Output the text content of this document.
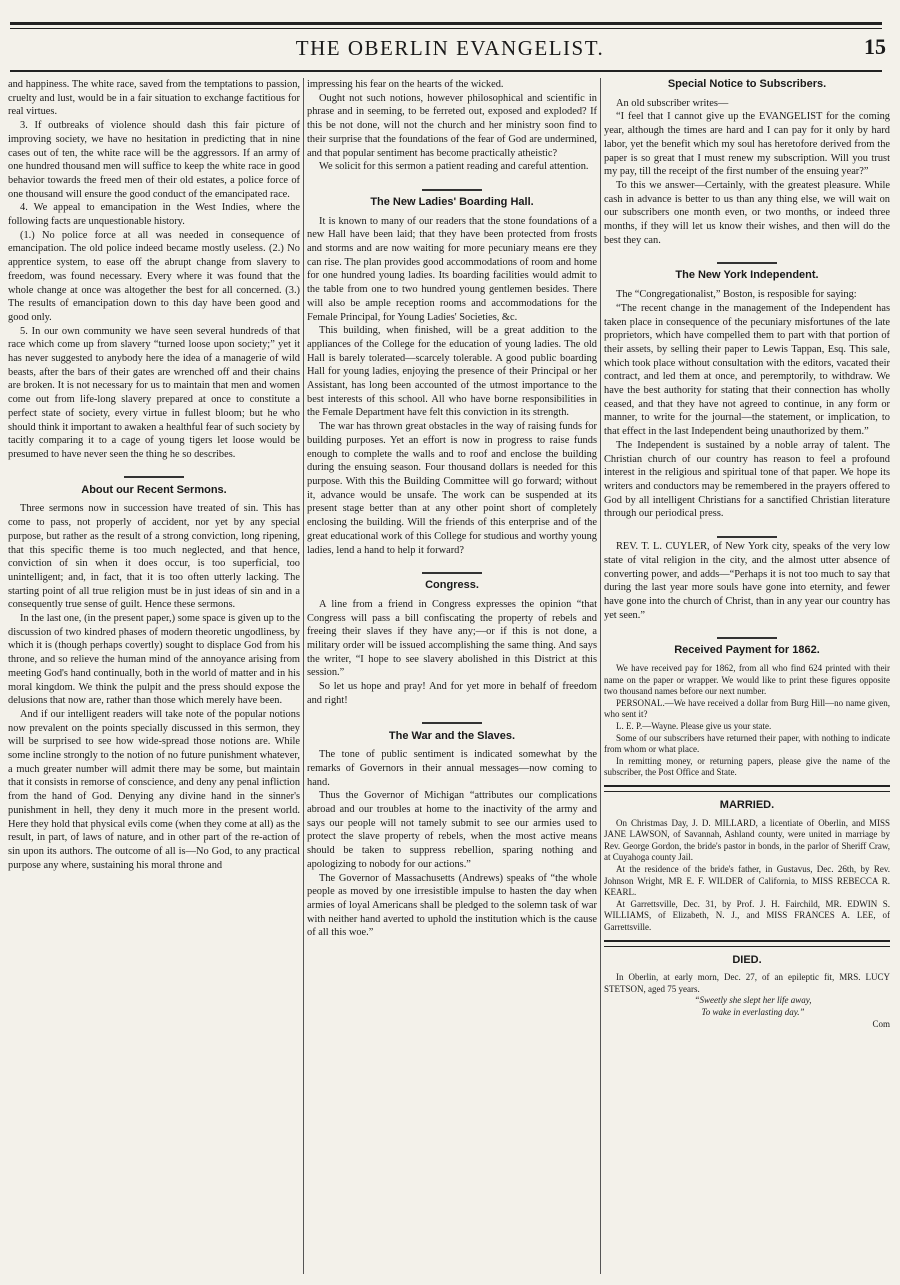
THE OBERLIN EVANGELIST.	15

and happiness. The white race, saved from the temptations to passion, cruelty and lust, would be in a fair situation to exchange factitious for real virtues.

3. If outbreaks of violence should dash this fair picture of improving society, we have no hesitation in predicting that in nine cases out of ten, the white race will be the aggressors. If an army of one hundred thousand men will suffice to keep the white race in good behavior towards the freed men of their old estates, a police force of one thousand will ensure the good conduct of the emancipated race.

4. We appeal to emancipation in the West Indies, where the following facts are unquestionable history.

(1.) No police force at all was needed in consequence of emancipation. The old police indeed became mostly useless. (2.) No apprentice system, to ease off the abrupt change from slavery to freedom, was found necessary. Every where it was found that the whole change at once was altogether the best for all concerned. (3.) The results of emancipation down to this day have been good and good only.

5. In our own community we have seen several hundreds of that race which come up from slavery “turned loose upon society;” yet it has never suggested to anybody here the idea of a managerie of wild beasts, after the bars of their gates are wrenched off and their chains are broken. It is not necessary for us to maintain that men and women come out from life-long slavery prepared at once to constitute a perfect state of society, every virtue in fullest bloom; but he who should think it important to awaken a healthful fear of such society by tacitly comparing it to a cage of young tigers let loose would be presumed to have never seen the thing he so describes.

About our Recent Sermons.

Three sermons now in succession have treated of sin. This has come to pass, not properly of accident, nor yet by any special purpose, but rather as the result of a strong conviction, long ripening, that this specific theme is too much neglected, and that hence, conviction of sin when it does occur, is too superficial, too unintelligent; and, in fact, that it is too often utterly lacking. The starting point of all true religion must be in just ideas of sin and in a consequently true sense of guilt. Hence these sermons.

In the last one, (in the present paper,) some space is given up to the discussion of two kindred phases of modern theoretic ungodliness, by which it is (though perhaps covertly) sought to displace God from his throne, and so relieve the human mind of the annoyance arising from meeting God's hand continually, both in the world of matter and in his moral kingdom. We think the pulpit and the press should expose the delusions that now are, rather than those which merely have been.

And if our intelligent readers will take note of the popular notions now prevalent on the points specially discussed in this sermon, they will be surprised to see how wide-spread those notions are. While some incline strongly to the notion of no future punishment whatever, a much greater number will admit there may be some, but maintain that it consists in remorse of conscience, and deny any penal infliction from the hand of God. Denying any divine hand in the sinner's punishment in hell, they deny it much more in the present world. Here they hold that physical evils come (when they come at all) as the result, in part, of laws of nature, and in other part of the re-action of sin upon its authors. The outcome of all is—No God, to any practical purpose any where, sustaining his moral throne and

impressing his fear on the hearts of the wicked.

Ought not such notions, however philosophical and scientific in phrase and in seeming, to be ferreted out, exposed and exploded? If this be not done, will not the church and her ministry soon find to their surprise that the foundations of the fear of God are undermined, and that popular sentiment has become practically atheistic?

We solicit for this sermon a patient reading and careful attention.

The New Ladies' Boarding Hall.

It is known to many of our readers that the stone foundations of a new Hall have been laid; that they have been protected from frosts and storms and are now waiting for more pecuniary means ere they can rise. The plan provides good accommodations of room and home for one hundred young ladies. Its boarding facilities would admit to the table from one to two hundred young gentlemen besides. There will also be ample reception rooms and accommodations for the Female Principal, for Young Ladies' Societies, &c.

This building, when finished, will be a great addition to the appliances of the College for the education of young ladies. The old Hall is barely tolerated—scarcely tolerable. A good public boarding Hall for young ladies, enjoying the presence of their Principal or her Assistant, has long been accounted of the utmost importance to the best interests of this school. All who have borne responsibilities in the Female Department have felt this conviction in its strength.

The war has thrown great obstacles in the way of raising funds for building purposes. Yet an effort is now in progress to raise funds enough to complete the walls and to roof and enclose the building during the ensuing season. Four thousand dollars is needed for this purpose. With this the Building Committee will go forward; without it, advance would be unsafe. The work can be suspended at its present stage better than at any other point short of completely enclosing the building. Will the friends of this enterprise and of the great educational work of this College for studious and worthy young ladies, lend a hand to help it forward?

Congress.

A line from a friend in Congress expresses the opinion “that Congress will pass a bill confiscating the property of rebels and freeing their slaves if they have any;—or if this is not done, a military order will be issued accomplishing the same thing. And says the writer, “I hope to see slavery abolished in this District at this session.”

So let us hope and pray! And for yet more in behalf of freedom and right!

The War and the Slaves.

The tone of public sentiment is indicated somewhat by the remarks of Governors in their annual messages—now coming to hand.

Thus the Governor of Michigan “attributes our complications abroad and our troubles at home to the inactivity of the army and says our people will not tamely submit to see our armies used to protect the slave property of rebels, when the most active means should be taken to suppress rebellion, sparing nothing and apologizing to nobody for our actions.”

The Governor of Massachusetts (Andrews) speaks of “the whole people as moved by one irresistible impulse to hasten the day when armies of loyal Americans shall be pledged to the solemn task of war with neither hand averted to uphold the institution which is the cause of all this woe.”

Special Notice to Subscribers.

An old subscriber writes—

“I feel that I cannot give up the EVANGELIST for the coming year, although the times are hard and I can pay for it only by hard labor, yet the benefit which my soul has heretofore derived from the paper is so great that I must renew my subscription. Will you trust my pay, till the receipt of the first number of the ensuing year?”

To this we answer—Certainly, with the greatest pleasure. While cash in advance is better to us than any thing else, we will wait on our subscribers one month even, or two months, or indeed three months, if they will let us know their wishes, and then will do the best they can.

The New York Independent.

The “Congregationalist,” Boston, is resposible for saying:

“The recent change in the management of the Independent has taken place in consequence of the pecuniary misfortunes of the late proprietors, which have compelled them to part with that portion of their assets, by selling their paper to Lewis Tappan, Esq. This sale, which took place without consultation with the editors, vacated their contract, and led them at once, and peremptorily, to withdraw. We have the best authority for stating that their connection has wholly ceased, and that they have not agreed to continue, in any form or manner, to write for the journal—the statement, or implication, to that effect in the last Independent being unauthorized by them.”

The Independent is sustained by a noble array of talent. The Christian church of our country has reason to feel a profound interest in the religious and spiritual tone of that paper. We hope its writers and conductors may be remembered in the prayers offered to God by all intelligent Christians for a sanctified Christian literature through our periodical press.

REV. T. L. CUYLER, of New York city, speaks of the very low state of vital religion in the city, and the almost utter absence of converting power, and adds—“Perhaps it is not too much to say that during the last year more souls have gone into eternity, and fewer have gone into the church of Christ, than in any year our country has yet seen.”

Received Payment for 1862.

We have received pay for 1862, from all who find 624 printed with their name on the paper or wrapper. We would like to print these figures opposite two thousand names before our next number.

PERSONAL.—We have received a dollar from Burg Hill—no name given, who sent it?

L. E. P.—Wayne. Please give us your state.

Some of our subscribers have returned their paper, with nothing to indicate from whom or what place.

In remitting money, or returning papers, please give the name of the subscriber, the Post Office and State.

MARRIED.

On Christmas Day, J. D. MILLARD, a licentiate of Oberlin, and MISS JANE LAWSON, of Savannah, Ashland county, were united in marriage by Rev. George Gordon, the bride's pastor in bonds, in the parlor of Sheriff Craw, at Cuyahoga county Jail.

At the residence of the bride's father, in Gustavus, Dec. 26th, by Rev. Johnson Wright, MR E. F. WILDER of California, to MISS REBECCA R. KEARL.

At Garrettsville, Dec. 31, by Prof. J. H. Fairchild, MR. EDWIN S. WILLIAMS, of Elizabeth, N. J., and MISS FRANCES A. LEE, of Garrettsville.

DIED.

In Oberlin, at early morn, Dec. 27, of an epileptic fit, MRS. LUCY STETSON, aged 75 years.

“Sweetly she slept her life away,

To wake in everlasting day.”

Com
